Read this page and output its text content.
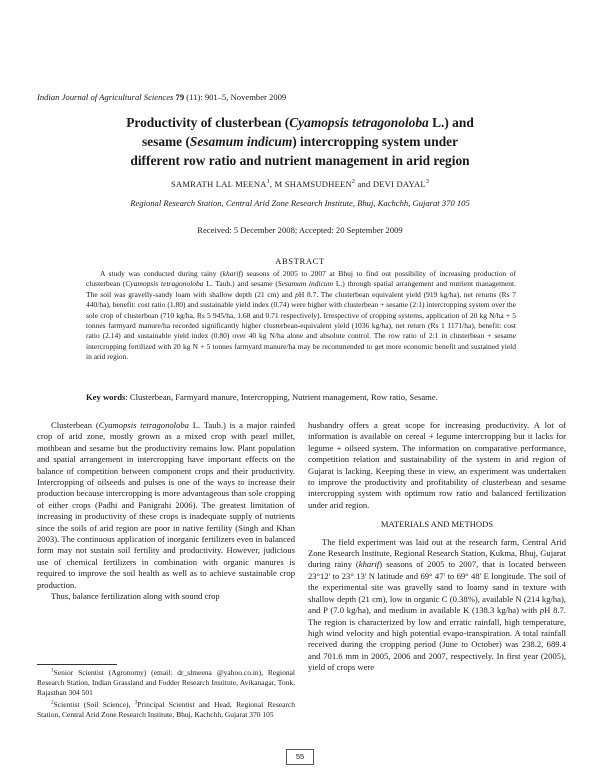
Indian Journal of Agricultural Sciences 79 (11): 901–5, November 2009
Productivity of clusterbean (Cyamopsis tetragonoloba L.) and
sesame (Sesamum indicum) intercropping system under
different row ratio and nutrient management in arid region
SAMRATH LAL MEENA$^1$, M SHAMSUDHEEN$^2$ and DEVI DAYAL$^3$
Regional Research Station, Central Arid Zone Research Institute, Bhuj, Kachchh, Gujarat 370 105
Received: 5 December 2008; Accepted: 20 September 2009
ABSTRACT
A study was conducted during rainy (kharif) seasons of 2005 to 2007 at Bhuj to find out possibility of increasing production of clusterbean (Cyamopsis tetragonoloba L. Taub.) and sesame (Sesamum indicum L.) through spatial arrangement and nutrient management. The soil was gravelly-sandy loam with shallow depth (21 cm) and pH 8.7. The clusterbean equivalent yield (919 kg/ha), net returns (Rs 7 440/ha), benefit: cost ratio (1.80) and sustainable yield index (0.74) were higher with clusterbean + sesame (2:1) intercropping system over the sole crop of clusterbean (710 kg/ha, Rs 5 945/ha, 1.68 and 0.71 respectively). Irrespective of cropping systems, application of 20 kg N/ha + 5 tonnes farmyard manure/ha recorded significantly higher clusterbean-equivalent yield (1036 kg/ha), net return (Rs 1 1171/ha), benefit: cost ratio (2.14) and sustainable yield index (0.80) over 40 kg N/ha alone and absolute control. The row ratio of 2:1 in clusterbean + sesame intercropping fertilized with 20 kg N + 5 tonnes farmyard manure/ha may be recommended to get more economic benefit and sustained yield in arid region.
Key words: Clusterbean, Farmyard manure, Intercropping, Nutrient management, Row ratio, Sesame.

Clusterbean (Cyamopsis tetragonoloba L. Taub.) is a major rainfed crop of arid zone, mostly grown as a mixed crop with pearl millet, mothbean and sesame but the productivity remains low. Plant population and spatial arrangement in intercropping have important effects on the balance of competition between component crops and their productivity. Intercropping of oilseeds and pulses is one of the ways to increase their production because intercropping is more advantageous than sole cropping of either crops (Padhi and Panigrahi 2006). The greatest limitation of increasing in productivity of these crops is inadequate supply of nutrients since the soils of arid region are poor in native fertility (Singh and Khan 2003). The continuous application of inorganic fertilizers even in balanced form may not sustain soil fertility and productivity. However, judicious use of chemical fertilizers in combination with organic manures is required to improve the soil health as well as to achieve sustainable crop production.

Thus, balance fertilization along with sound crop

$^1$Senior Scientist (Agronomy) (email: dr_slmeena @yahoo.co.in), Regional Research Station, Indian Grassland and Fodder Research Institute, Avikanagar, Tonk, Rajasthan 304 501

$^2$Scientist (Soil Science), $^3$Principal Scientist and Head, Regional Research Station, Central Arid Zone Research Institute, Bhuj, Kachchh, Gujarat 370 105

husbandry offers a great scope for increasing productivity. A lot of information is available on cereal + legume intercropping but it lacks for legume + oilseed system. The information on comparative performance, competition relation and sustainability of the system in arid region of Gujarat is lacking. Keeping these in view, an experiment was undertaken to improve the productivity and profitability of clusterbean and sesame intercropping system with optimum row ratio and balanced fertilization under arid region.

MATERIALS AND METHODS

The field experiment was laid out at the research farm, Central Arid Zone Research Institute, Regional Research Station, Kukma, Bhuj, Gujarat during rainy (kharif) seasons of 2005 to 2007, that is located between 23°12' to 23° 13' N latitude and 69° 47' to 69° 48' E longitude. The soil of the experimental site was gravelly sand to loamy sand in texture with shallow depth (21 cm), low in organic C (0.38%), available N (214 kg/ha), and P (7.0 kg/ha), and medium in available K (138.3 kg/ha) with pH 8.7. The region is characterized by low and erratic rainfall, high temperature, high wind velocity and high potential evapo-transpiration. A total rainfall received during the cropping period (June to October) was 238.2, 689.4 and 701.6 mm in 2005, 2006 and 2007, respectively. In first year (2005), yield of crops were

55
